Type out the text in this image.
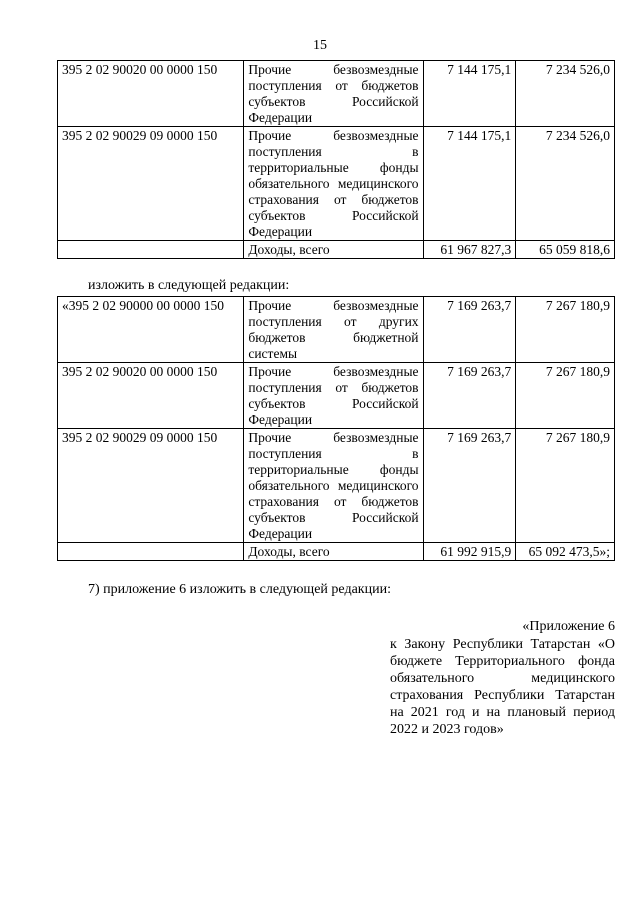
15
395 2 02 90020 00 0000 150	Прочие безвозмездные поступления от бюджетов субъектов Российской Федерации	7 144 175,1	7 234 526,0
395 2 02 90029 09 0000 150	Прочие безвозмездные поступления в территориальные фонды обязательного медицинского страхования от бюджетов субъектов Российской Федерации	7 144 175,1	7 234 526,0
	Доходы, всего	61 967 827,3	65 059 818,6
изложить в следующей редакции:
«395 2 02 90000 00 0000 150	Прочие безвозмездные поступления от других бюджетов бюджетной системы	7 169 263,7	7 267 180,9
395 2 02 90020 00 0000 150	Прочие безвозмездные поступления от бюджетов субъектов Российской Федерации	7 169 263,7	7 267 180,9
395 2 02 90029 09 0000 150	Прочие безвозмездные поступления в территориальные фонды обязательного медицинского страхования от бюджетов субъектов Российской Федерации	7 169 263,7	7 267 180,9
	Доходы, всего	61 992 915,9	65 092 473,5»;
7) приложение 6 изложить в следующей редакции:
«Приложение 6
к Закону Республики Татарстан «О бюджете Территориального фонда обязательного медицинского страхования Республики Татарстан на 2021 год и на плановый период 2022 и 2023 годов»
